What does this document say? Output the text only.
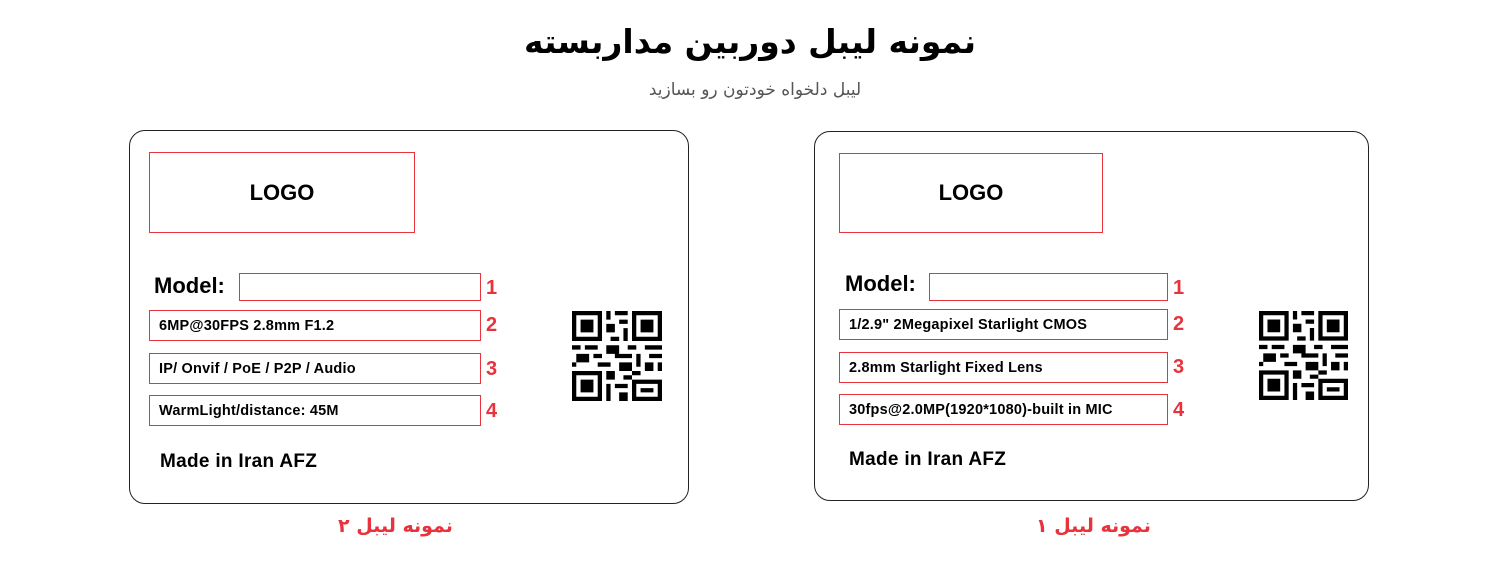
نمونه لیبل دوربین مداربسته
لیبل دلخواه خودتون رو بسازید
LOGO
Model:
6MP@30FPS 2.8mm F1.2
IP/ Onvif / PoE / P2P / Audio
WarmLight/distance: 45M
1
2
3
4
Made in Iran AFZ
نمونه لیبل ۲
LOGO
Model:
1/2.9" 2Megapixel Starlight CMOS
2.8mm Starlight Fixed Lens
30fps@2.0MP(1920*1080)-built in MIC
1
2
3
4
Made in Iran AFZ
نمونه لیبل ۱
